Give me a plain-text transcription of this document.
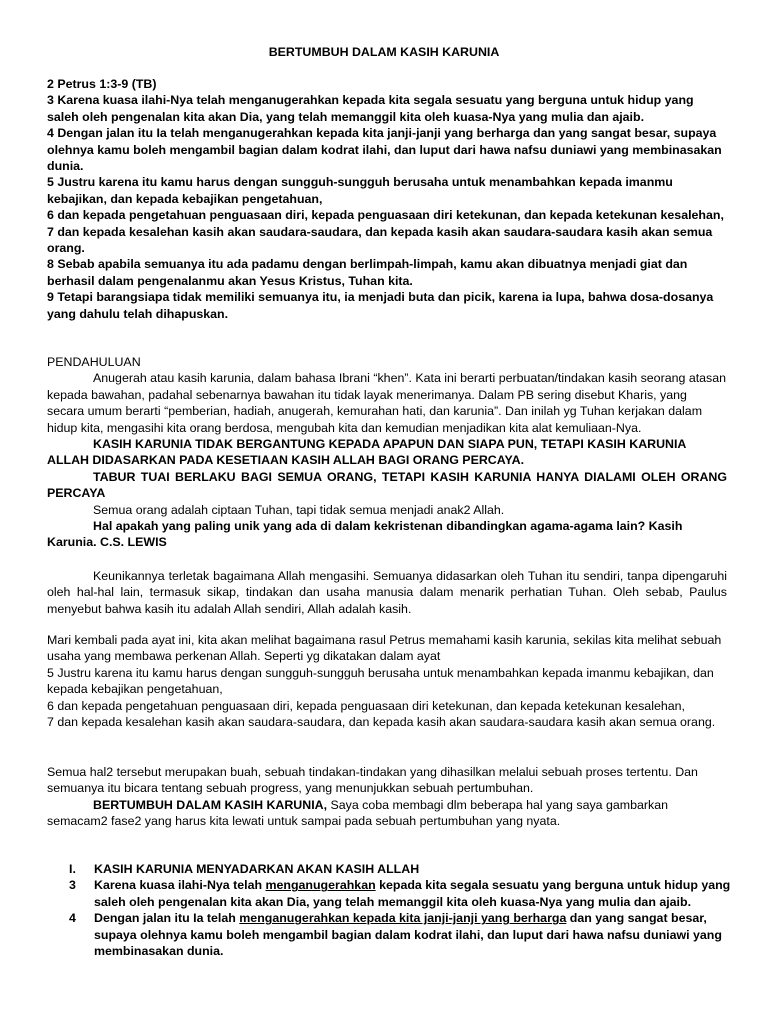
BERTUMBUH DALAM KASIH KARUNIA

2 Petrus 1:3-9 (TB)

3 Karena kuasa ilahi-Nya telah menganugerahkan kepada kita segala sesuatu yang berguna untuk hidup yang saleh oleh pengenalan kita akan Dia, yang telah memanggil kita oleh kuasa-Nya yang mulia dan ajaib.

4 Dengan jalan itu Ia telah menganugerahkan kepada kita janji-janji yang berharga dan yang sangat besar, supaya olehnya kamu boleh mengambil bagian dalam kodrat ilahi, dan luput dari hawa nafsu duniawi yang membinasakan dunia.

5 Justru karena itu kamu harus dengan sungguh-sungguh berusaha untuk menambahkan kepada imanmu kebajikan, dan kepada kebajikan pengetahuan,

6 dan kepada pengetahuan penguasaan diri, kepada penguasaan diri ketekunan, dan kepada ketekunan kesalehan,

7 dan kepada kesalehan kasih akan saudara-saudara, dan kepada kasih akan saudara-saudara kasih akan semua orang.

8 Sebab apabila semuanya itu ada padamu dengan berlimpah-limpah, kamu akan dibuatnya menjadi giat dan berhasil dalam pengenalanmu akan Yesus Kristus, Tuhan kita.

9 Tetapi barangsiapa tidak memiliki semuanya itu, ia menjadi buta dan picik, karena ia lupa, bahwa dosa-dosanya yang dahulu telah dihapuskan.

PENDAHULUAN

Anugerah atau kasih karunia, dalam bahasa Ibrani “khen”. Kata ini berarti perbuatan/tindakan kasih seorang atasan kepada bawahan, padahal sebenarnya bawahan itu tidak layak menerimanya. Dalam PB sering disebut Kharis, yang secara umum berarti “pemberian, hadiah, anugerah, kemurahan hati, dan karunia”. Dan inilah yg Tuhan kerjakan dalam hidup kita, mengasihi kita orang berdosa, mengubah kita dan kemudian menjadikan kita alat kemuliaan-Nya.

KASIH KARUNIA TIDAK BERGANTUNG KEPADA APAPUN DAN SIAPA PUN, TETAPI KASIH KARUNIA ALLAH DIDASARKAN PADA KESETIAAN KASIH ALLAH BAGI ORANG PERCAYA.

TABUR TUAI BERLAKU BAGI SEMUA ORANG, TETAPI KASIH KARUNIA HANYA DIALAMI OLEH ORANG PERCAYA

Semua orang adalah ciptaan Tuhan, tapi tidak semua menjadi anak2 Allah.

Hal apakah yang paling unik yang ada di dalam kekristenan dibandingkan agama-agama lain? Kasih Karunia. C.S. LEWIS

Keunikannya terletak bagaimana Allah mengasihi. Semuanya didasarkan oleh Tuhan itu sendiri, tanpa dipengaruhi oleh hal-hal lain, termasuk sikap, tindakan dan usaha manusia dalam menarik perhatian Tuhan. Oleh sebab, Paulus menyebut bahwa kasih itu adalah Allah sendiri, Allah adalah kasih.

Mari kembali pada ayat ini, kita akan melihat bagaimana rasul Petrus memahami kasih karunia, sekilas kita melihat sebuah usaha yang membawa perkenan Allah. Seperti yg dikatakan dalam ayat

5 Justru karena itu kamu harus dengan sungguh-sungguh berusaha untuk menambahkan kepada imanmu kebajikan, dan kepada kebajikan pengetahuan,

6 dan kepada pengetahuan penguasaan diri, kepada penguasaan diri ketekunan, dan kepada ketekunan kesalehan,

7 dan kepada kesalehan kasih akan saudara-saudara, dan kepada kasih akan saudara-saudara kasih akan semua orang.

Semua hal2 tersebut merupakan buah, sebuah tindakan-tindakan yang dihasilkan melalui sebuah proses tertentu. Dan semuanya itu bicara tentang sebuah progress, yang menunjukkan sebuah pertumbuhan.

BERTUMBUH DALAM KASIH KARUNIA, Saya coba membagi dlm beberapa hal yang saya gambarkan semacam2 fase2 yang harus kita lewati untuk sampai pada sebuah pertumbuhan yang nyata.

I. KASIH KARUNIA MENYADARKAN AKAN KASIH ALLAH
3 Karena kuasa ilahi-Nya telah menganugerahkan kepada kita segala sesuatu yang berguna untuk hidup yang saleh oleh pengenalan kita akan Dia, yang telah memanggil kita oleh kuasa-Nya yang mulia dan ajaib.
4 Dengan jalan itu Ia telah menganugerahkan kepada kita janji-janji yang berharga dan yang sangat besar, supaya olehnya kamu boleh mengambil bagian dalam kodrat ilahi, dan luput dari hawa nafsu duniawi yang membinasakan dunia.
